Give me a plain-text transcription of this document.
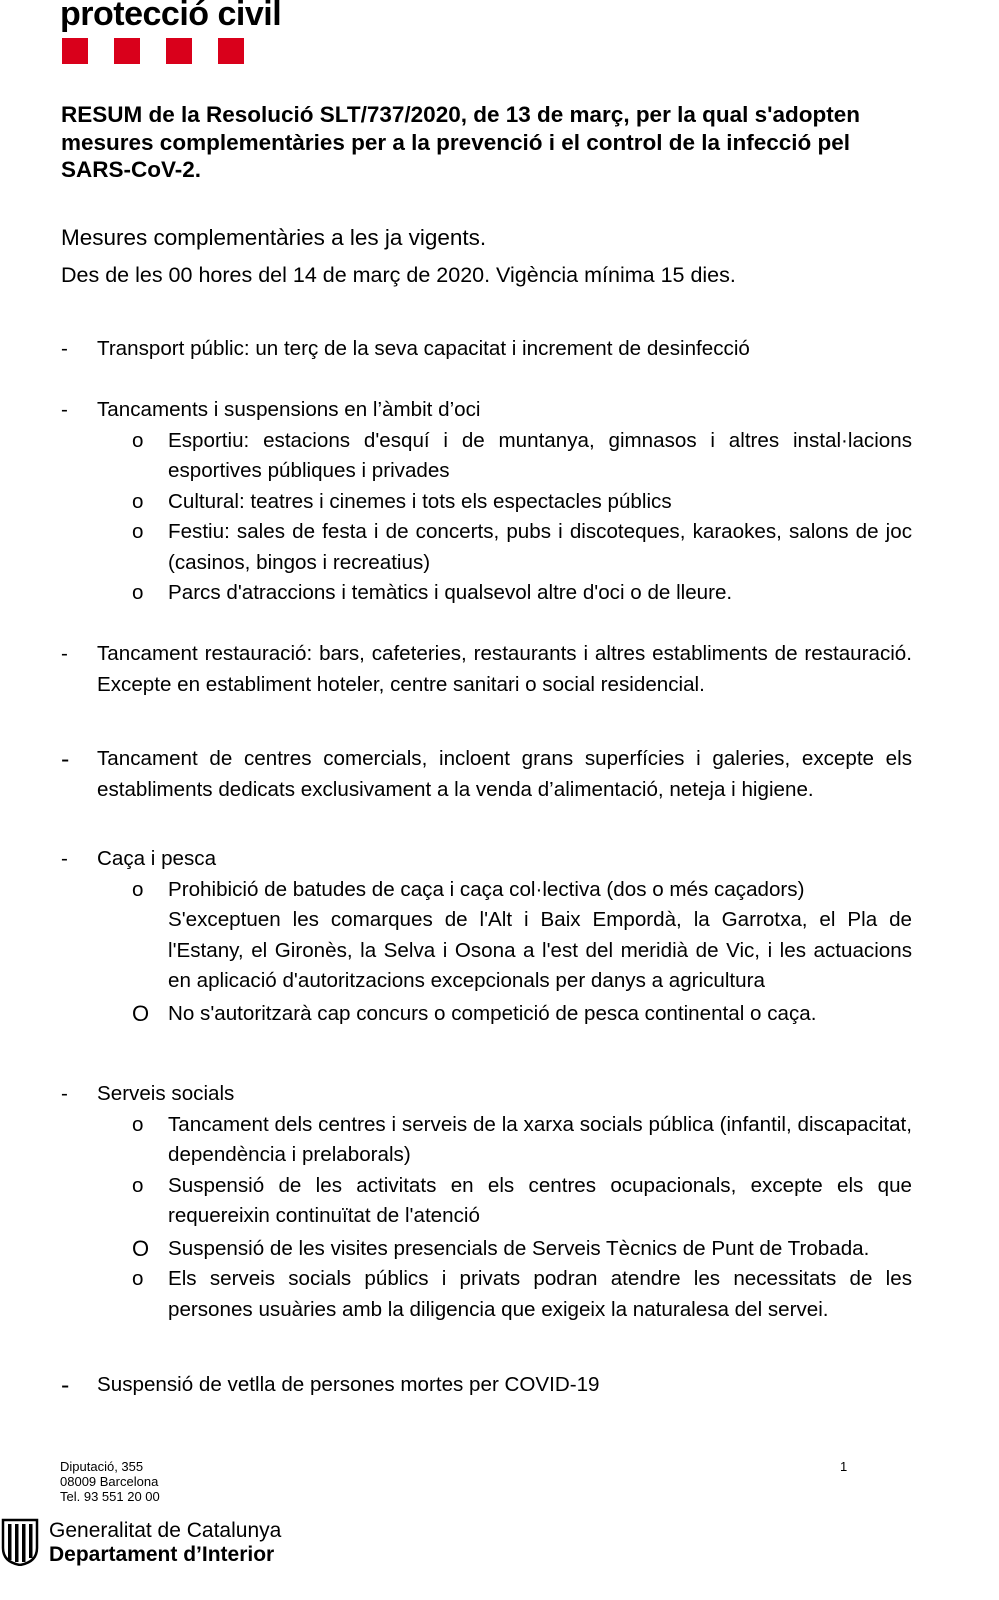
protecció civil
RESUM de la Resolució SLT/737/2020, de 13 de març, per la qual s'adopten mesures complementàries per a la prevenció i el control de la infecció pel SARS-CoV-2.
Mesures complementàries a les ja vigents.
Des de les 00 hores del 14 de març de 2020. Vigència mínima 15 dies.
- Transport públic: un terç de la seva capacitat i increment de desinfecció
- Tancaments i suspensions en l’àmbit d’oci
o Esportiu: estacions d'esquí i de muntanya, gimnasos i altres instal·lacions esportives públiques i privades
o Cultural: teatres i cinemes i tots els espectacles públics
o Festiu: sales de festa i de concerts, pubs i discoteques, karaokes, salons de joc (casinos, bingos i recreatius)
o Parcs d'atraccions i temàtics i qualsevol altre d'oci o de lleure.
- Tancament restauració: bars, cafeteries, restaurants i altres establiments de restauració. Excepte en establiment hoteler, centre sanitari o social residencial.
- Tancament de centres comercials, incloent grans superfícies i galeries, excepte els establiments dedicats exclusivament a la venda d’alimentació, neteja i higiene.
- Caça i pesca
o Prohibició de batudes de caça i caça col·lectiva (dos o més caçadors)
S'exceptuen les comarques de l'Alt i Baix Empordà, la Garrotxa, el Pla de l'Estany, el Gironès, la Selva i Osona a l'est del meridià de Vic, i les actuacions en aplicació d'autoritzacions excepcionals per danys a agricultura
O No s'autoritzarà cap concurs o competició de pesca continental o caça.
- Serveis socials
o Tancament dels centres i serveis de la xarxa socials pública (infantil, discapacitat, dependència i prelaborals)
o Suspensió de les activitats en els centres ocupacionals, excepte els que requereixin continuïtat de l'atenció
O Suspensió de les visites presencials de Serveis Tècnics de Punt de Trobada.
o Els serveis socials públics i privats podran atendre les necessitats de les persones usuàries amb la diligencia que exigeix la naturalesa del servei.
- Suspensió de vetlla de persones mortes per COVID-19
Diputació, 355
08009 Barcelona
Tel. 93 551 20 00
1
Generalitat de Catalunya
Departament d’Interior
